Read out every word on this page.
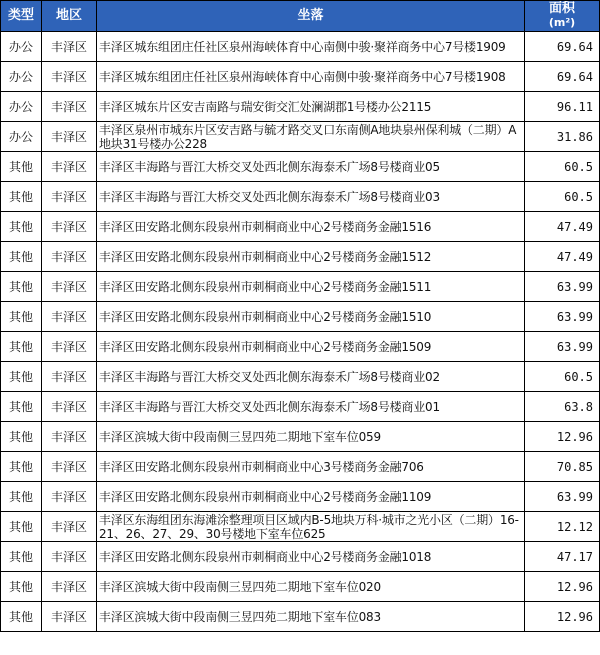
类型	地区	坐落	面积
(m²)

办公	丰泽区	丰泽区城东组团庄任社区泉州海峡体育中心南侧中骏·聚祥商务中心7号楼1909	69.64
办公	丰泽区	丰泽区城东组团庄任社区泉州海峡体育中心南侧中骏·聚祥商务中心7号楼1908	69.64
办公	丰泽区	丰泽区城东片区安吉南路与瑞安街交汇处澜湖郡1号楼办公2115	96.11
办公	丰泽区	丰泽区泉州市城东片区安吉路与毓才路交叉口东南侧A地块泉州保利城（二期）A地块31号楼办公228	31.86
其他	丰泽区	丰泽区丰海路与晋江大桥交叉处西北侧东海泰禾广场8号楼商业05	60.5
其他	丰泽区	丰泽区丰海路与晋江大桥交叉处西北侧东海泰禾广场8号楼商业03	60.5
其他	丰泽区	丰泽区田安路北侧东段泉州市刺桐商业中心2号楼商务金融1516	47.49
其他	丰泽区	丰泽区田安路北侧东段泉州市刺桐商业中心2号楼商务金融1512	47.49
其他	丰泽区	丰泽区田安路北侧东段泉州市刺桐商业中心2号楼商务金融1511	63.99
其他	丰泽区	丰泽区田安路北侧东段泉州市刺桐商业中心2号楼商务金融1510	63.99
其他	丰泽区	丰泽区田安路北侧东段泉州市刺桐商业中心2号楼商务金融1509	63.99
其他	丰泽区	丰泽区丰海路与晋江大桥交叉处西北侧东海泰禾广场8号楼商业02	60.5
其他	丰泽区	丰泽区丰海路与晋江大桥交叉处西北侧东海泰禾广场8号楼商业01	63.8
其他	丰泽区	丰泽区滨城大街中段南侧三昱四苑二期地下室车位059	12.96
其他	丰泽区	丰泽区田安路北侧东段泉州市刺桐商业中心3号楼商务金融706	70.85
其他	丰泽区	丰泽区田安路北侧东段泉州市刺桐商业中心2号楼商务金融1109	63.99
其他	丰泽区	丰泽区东海组团东海滩涂整理项目区域内B-5地块万科·城市之光小区（二期）16-21、26、27、29、30号楼地下室车位625	12.12
其他	丰泽区	丰泽区田安路北侧东段泉州市刺桐商业中心2号楼商务金融1018	47.17
其他	丰泽区	丰泽区滨城大街中段南侧三昱四苑二期地下室车位020	12.96
其他	丰泽区	丰泽区滨城大街中段南侧三昱四苑二期地下室车位083	12.96
